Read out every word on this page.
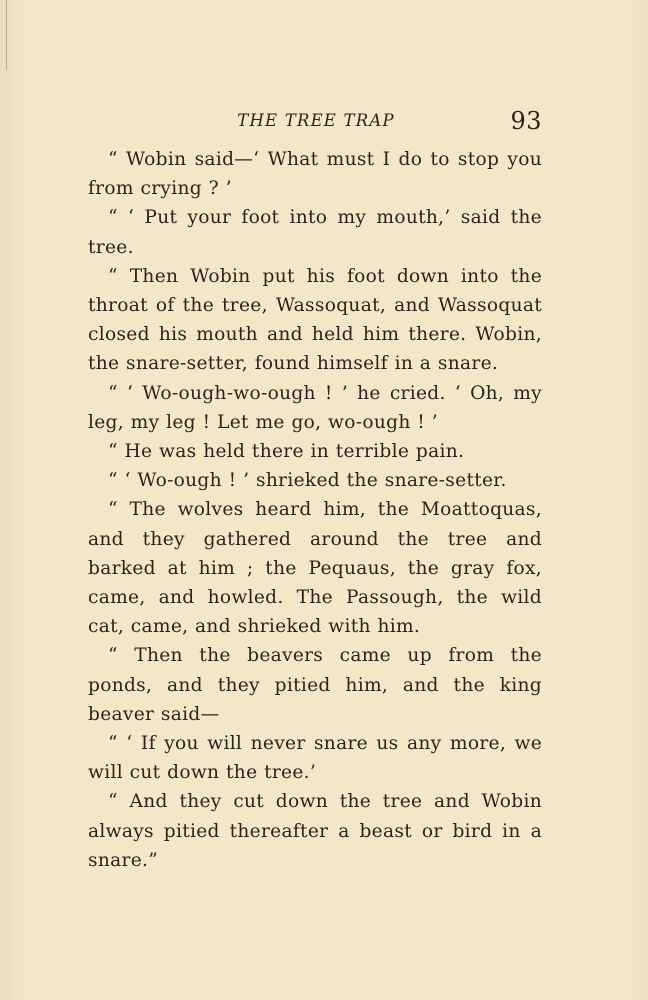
THE TREE TRAP	93

“ Wobin said—‘ What must I do to stop you from crying ? ’

“ ‘ Put your foot into my mouth,’ said the tree.

“ Then Wobin put his foot down into the throat of the tree, Wassoquat, and Wassoquat closed his mouth and held him there. Wobin, the snare-setter, found himself in a snare.

“ ‘ Wo-ough-wo-ough ! ’ he cried. ‘ Oh, my leg, my leg ! Let me go, wo-ough ! ’

“ He was held there in terrible pain.

“ ‘ Wo-ough ! ’ shrieked the snare-setter.

“ The wolves heard him, the Moattoquas, and they gathered around the tree and barked at him ; the Pequaus, the gray fox, came, and howled. The Passough, the wild cat, came, and shrieked with him.

“ Then the beavers came up from the ponds, and they pitied him, and the king beaver said—

“ ‘ If you will never snare us any more, we will cut down the tree.’

“ And they cut down the tree and Wobin always pitied thereafter a beast or bird in a snare.”
